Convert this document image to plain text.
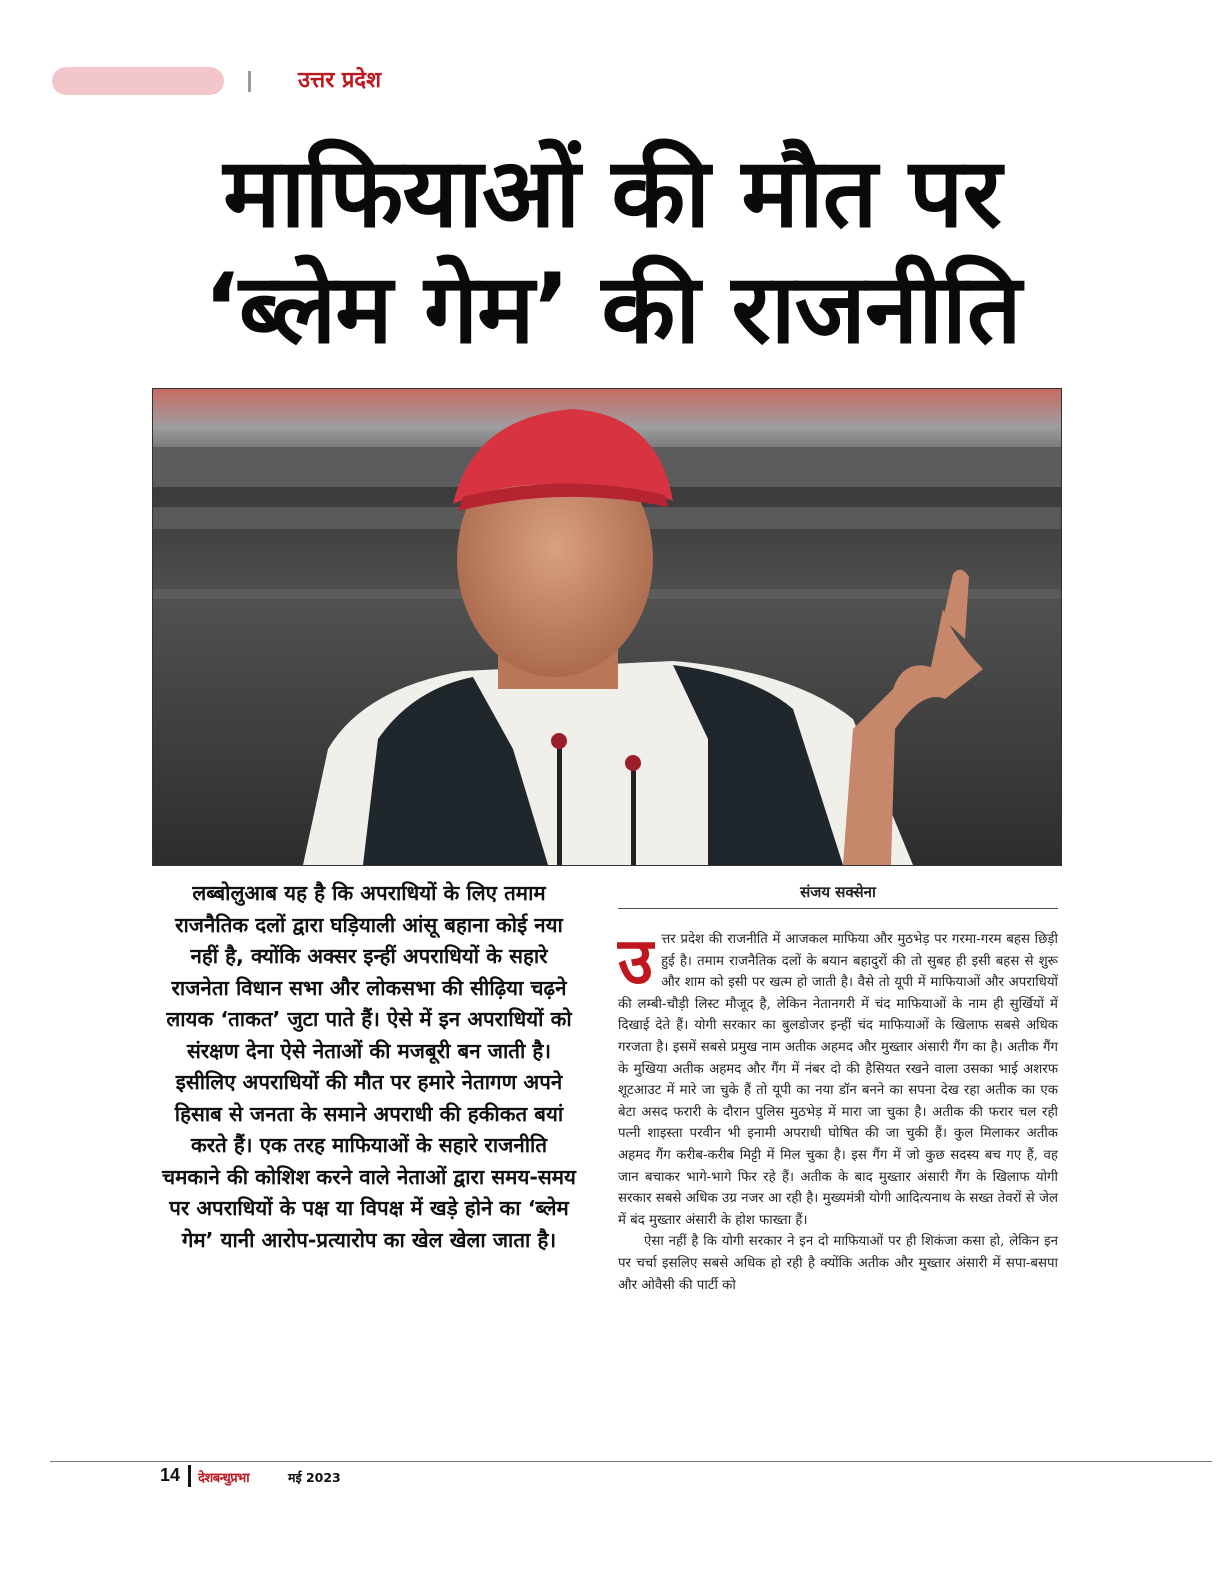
उत्तर प्रदेश
माफियाओं की मौत पर
‘ब्लेम गेम’ की राजनीति
लब्बोलुआब यह है कि अपराधियों के लिए तमाम राजनैतिक दलों द्वारा घड़ियाली आंसू बहाना कोई नया नहीं है, क्योंकि अक्सर इन्हीं अपराधियों के सहारे राजनेता विधान सभा और लोकसभा की सीढ़िया चढ़ने लायक ‘ताकत’ जुटा पाते हैं। ऐसे में इन अपराधियों को संरक्षण देना ऐसे नेताओं की मजबूरी बन जाती है। इसीलिए अपराधियों की मौत पर हमारे नेतागण अपने हिसाब से जनता के समाने अपराधी की हकीकत बयां करते हैं। एक तरह माफियाओं के सहारे राजनीति चमकाने की कोशिश करने वाले नेताओं द्वारा समय-समय पर अपराधियों के पक्ष या विपक्ष में खड़े होने का ‘ब्लेम गेम’ यानी आरोप-प्रत्यारोप का खेल खेला जाता है।
संजय सक्सेना

उत्तर प्रदेश की राजनीति में आजकल माफिया और मुठभेड़ पर गरमा-गरम बहस छिड़ी हुई है। तमाम राजनैतिक दलों के बयान बहादुरों की तो सुबह ही इसी बहस से शुरू और शाम को इसी पर खत्म हो जाती है। वैसे तो यूपी में माफियाओं और अपराधियों की लम्बी-चौड़ी लिस्ट मौजूद है, लेकिन नेतानगरी में चंद माफियाओं के नाम ही सुर्खियों में दिखाई देते हैं। योगी सरकार का बुलडोजर इन्हीं चंद माफियाओं के खिलाफ सबसे अधिक गरजता है। इसमें सबसे प्रमुख नाम अतीक अहमद और मुख्तार अंसारी गैंग का है। अतीक गैंग के मुखिया अतीक अहमद और गैंग में नंबर दो की हैसियत रखने वाला उसका भाई अशरफ शूटआउट में मारे जा चुके हैं तो यूपी का नया डॉन बनने का सपना देख रहा अतीक का एक बेटा असद फरारी के दौरान पुलिस मुठभेड़ में मारा जा चुका है। अतीक की फरार चल रही पत्नी शाइस्ता परवीन भी इनामी अपराधी घोषित की जा चुकी हैं। कुल मिलाकर अतीक अहमद गैंग करीब-करीब मिट्टी में मिल चुका है। इस गैंग में जो कुछ सदस्य बच गए हैं, वह जान बचाकर भागे-भागे फिर रहे हैं। अतीक के बाद मुख्तार अंसारी गैंग के खिलाफ योगी सरकार सबसे अधिक उग्र नजर आ रही है। मुख्यमंत्री योगी आदित्यनाथ के सख्त तेवरों से जेल में बंद मुख्तार अंसारी के होश फाख्ता हैं।

ऐसा नहीं है कि योगी सरकार ने इन दो माफियाओं पर ही शिकंजा कसा हो, लेकिन इन पर चर्चा इसलिए सबसे अधिक हो रही है क्योंकि अतीक और मुख्तार अंसारी में सपा-बसपा और ओवैसी की पार्टी को

14 देशबन्धुप्रभा	मई 2023
